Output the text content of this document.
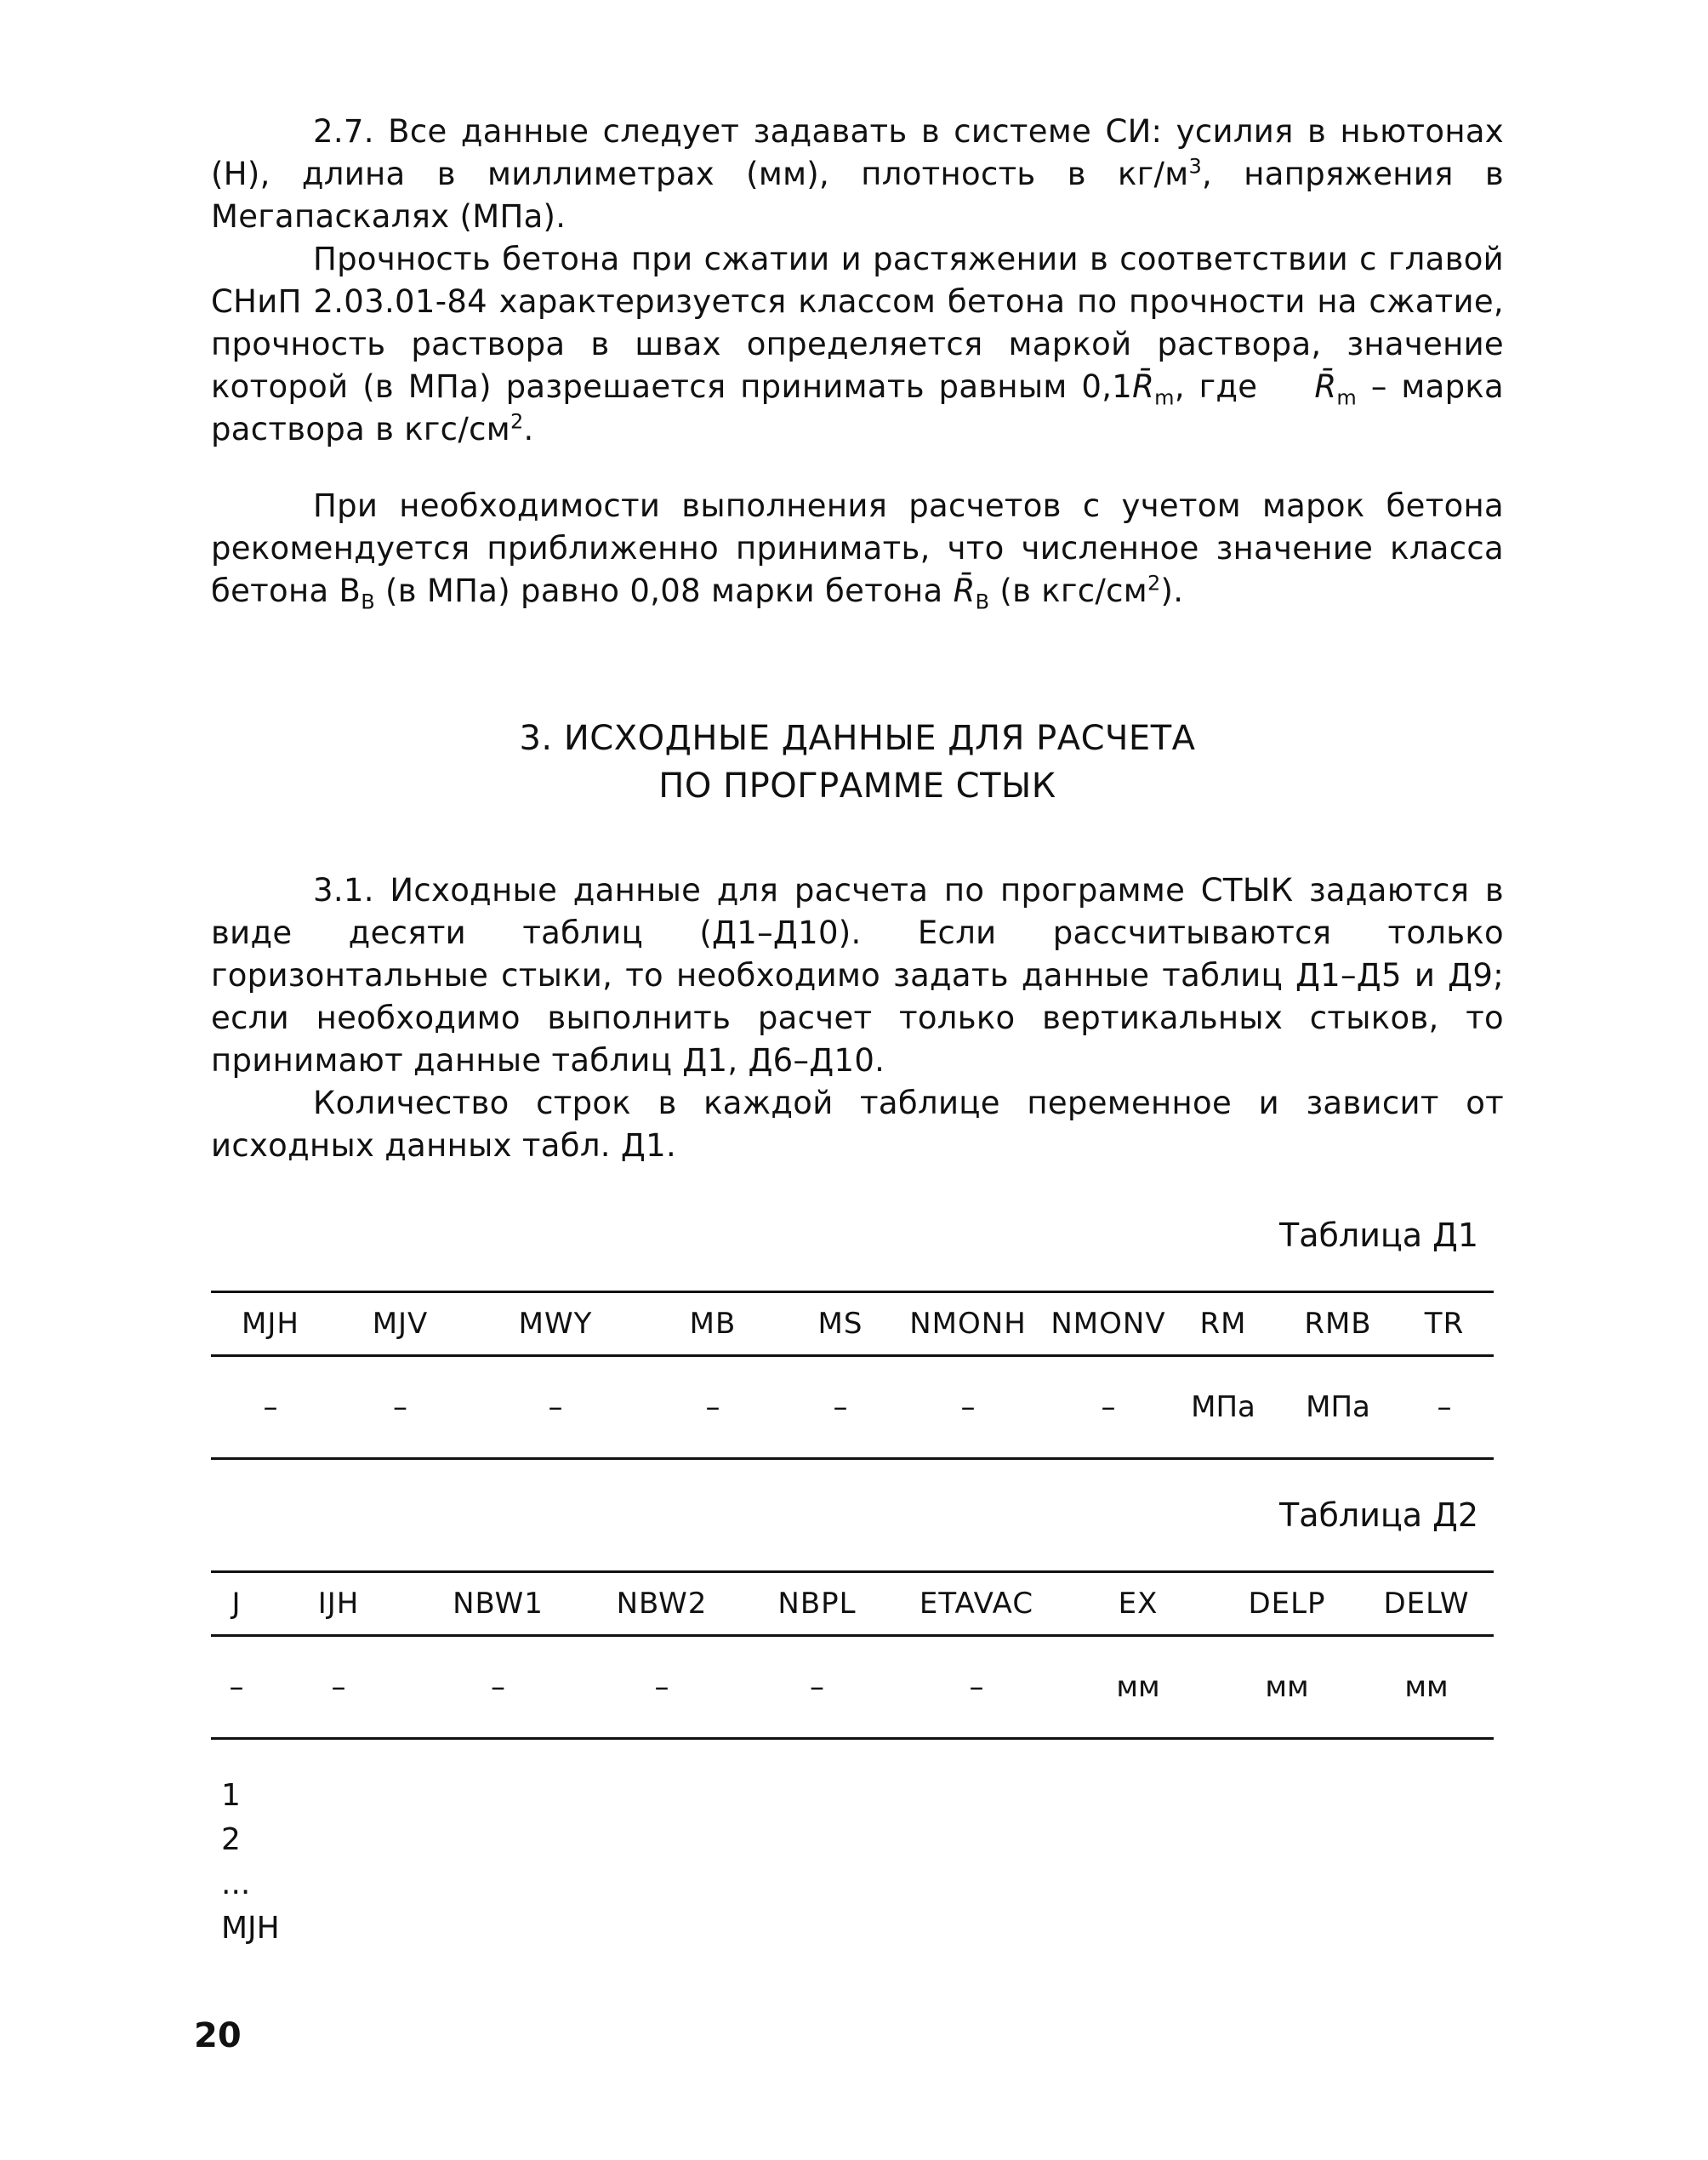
2.7. Все данные следует задавать в системе СИ: усилия в ньютонах (Н), длина в миллиметрах (мм), плотность в $кг/м^3$, напряжения в Мегапаскалях (МПа).

Прочность бетона при сжатии и растяжении в соответствии с главой СНиП 2.03.01-84 характеризуется классом бетона по прочности на сжатие, прочность раствора в швах определяется маркой раствора, значение которой (в МПа) разрешается принимать равным $0,1R̄_m$, где $R̄_m$ – марка раствора в кгс/$см^2$.

При необходимости выполнения расчетов с учетом марок бетона рекомендуется приближенно принимать, что численное значение класса бетона $В_В$ (в МПа) равно 0,08 марки бетона $R̄_В$ (в кгс/$см^2$).

3. ИСХОДНЫЕ ДАННЫЕ ДЛЯ РАСЧЕТА
ПО ПРОГРАММЕ СТЫК

3.1. Исходные данные для расчета по программе СТЫК задаются в виде десяти таблиц (Д1–Д10). Если рассчитываются только горизонтальные стыки, то необходимо задать данные таблиц Д1–Д5 и Д9; если необходимо выполнить расчет только вертикальных стыков, то принимают данные таблиц Д1, Д6–Д10.

Количество строк в каждой таблице переменное и зависит от исходных данных табл. Д1.

Таблица Д1
MJH	MJV	MWY	MB	MS	NMONH NMONV	RM	RMB	TR
–	–	–	–	–	–	–	МПа	МПа	–
Таблица Д2
J	IJH	NBW1	NBW2	NBPL	ETAVAC	EX	DELP	DELW
–	–	–	–	–	–	мм	мм	мм
1
2
...
MJH
20
